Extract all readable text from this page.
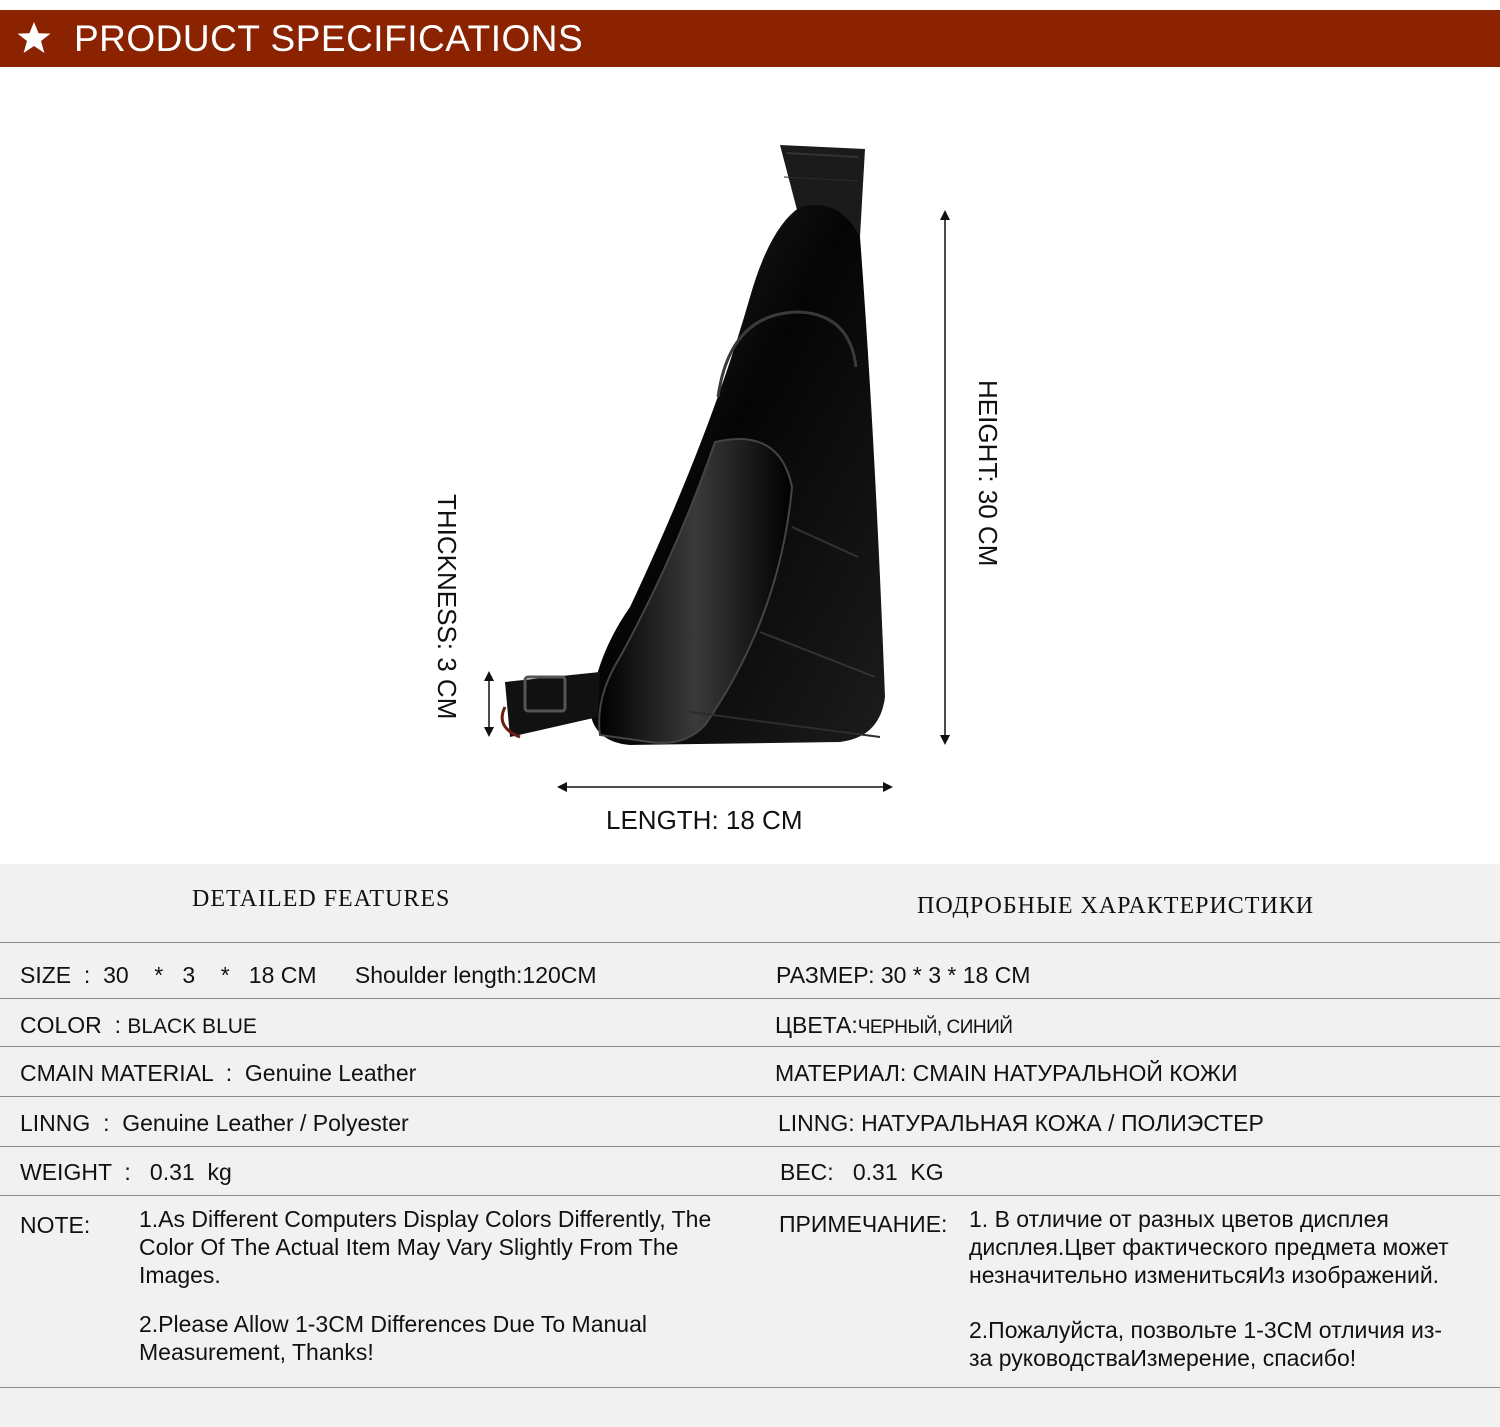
PRODUCT SPECIFICATIONS
HEIGHT: 30 CM
THICKNESS: 3 CM
LENGTH: 18 CM
DETAILED FEATURES	ПОДРОБНЫЕ ХАРАКТЕРИСТИКИ
SIZE  :  30    *   3    *   18 CM      Shoulder length:120CM	РАЗМЕР: 30 * 3 * 18 CM
COLOR  : BLACK BLUE	ЦВЕТА:ЧЕРНЫЙ, СИНИЙ
CMAIN MATERIAL  :  Genuine Leather	МАТЕРИАЛ: CMAIN НАТУРАЛЬНОЙ КОЖИ
LINNG  :  Genuine Leather / Polyester	LINNG: НАТУРАЛЬНАЯ КОЖА / ПОЛИЭСТЕР
WEIGHT  :   0.31  kg	ВЕС:   0.31  KG
NOTE: 1.As Different Computers Display Colors Differently, The Color Of The Actual Item May Vary Slightly From The Images.
2.Please Allow 1-3CM Differences Due To Manual Measurement, Thanks!
ПРИМЕЧАНИЕ: 1. В отличие от разных цветов дисплея дисплея.Цвет фактического предмета может незначительно изменитьсяИз изображений.
2.Пожалуйста, позвольте 1-3CM отличия из-за руководстваИзмерение, спасибо!
